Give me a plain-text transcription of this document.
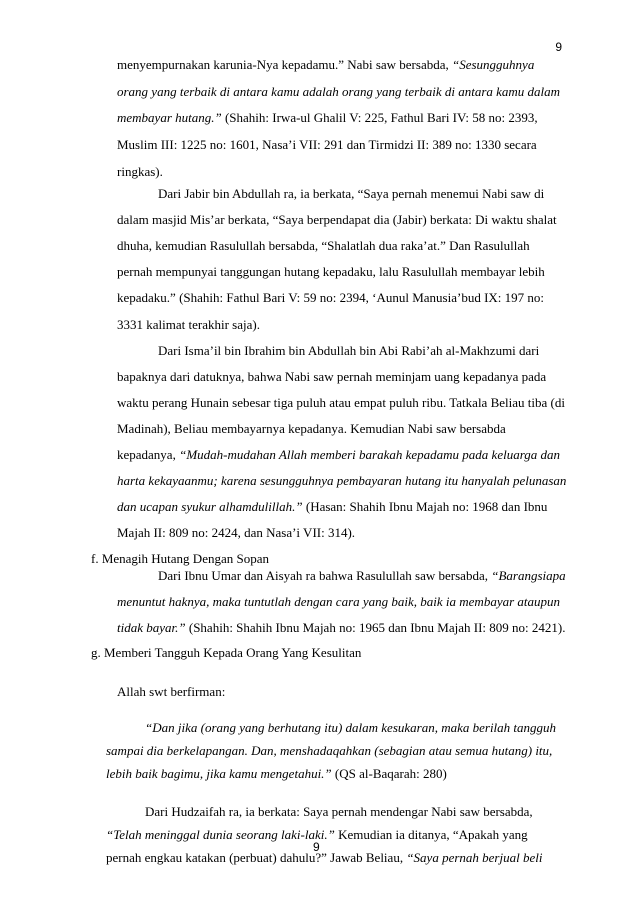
9
menyempurnakan karunia-Nya kepadamu.” Nabi saw bersabda, “Sesungguhnya
orang yang terbaik di antara kamu adalah orang yang terbaik di antara kamu dalam
membayar hutang.” (Shahih: Irwa-ul Ghalil V: 225, Fathul Bari IV: 58 no: 2393,
Muslim III: 1225 no: 1601, Nasa’i VII: 291 dan Tirmidzi II: 389 no: 1330 secara
ringkas).
Dari Jabir bin Abdullah ra, ia berkata, “Saya pernah menemui Nabi saw di
dalam masjid Mis’ar berkata, “Saya berpendapat dia (Jabir) berkata: Di waktu shalat
dhuha, kemudian Rasulullah bersabda, “Shalatlah dua raka’at.” Dan Rasulullah
pernah mempunyai tanggungan hutang kepadaku, lalu Rasulullah membayar lebih
kepadaku.” (Shahih: Fathul Bari V: 59 no: 2394, ‘Aunul Manusia’bud IX: 197 no:
3331 kalimat terakhir saja).
Dari Isma’il bin Ibrahim bin Abdullah bin Abi Rabi’ah al-Makhzumi dari
bapaknya dari datuknya, bahwa Nabi saw pernah meminjam uang kepadanya pada
waktu perang Hunain sebesar tiga puluh atau empat puluh ribu. Tatkala Beliau tiba (di
Madinah), Beliau membayarnya kepadanya. Kemudian Nabi saw bersabda
kepadanya, “Mudah-mudahan Allah memberi barakah kepadamu pada keluarga dan
harta kekayaanmu; karena sesungguhnya pembayaran hutang itu hanyalah pelunasan
dan ucapan syukur alhamdulillah.” (Hasan: Shahih Ibnu Majah no: 1968 dan Ibnu
Majah II: 809 no: 2424, dan Nasa’i VII: 314).
f. Menagih Hutang Dengan Sopan
Dari Ibnu Umar dan Aisyah ra bahwa Rasulullah saw bersabda, “Barangsiapa
menuntut haknya, maka tuntutlah dengan cara yang baik, baik ia membayar ataupun
tidak bayar.” (Shahih: Shahih Ibnu Majah no: 1965 dan Ibnu Majah II: 809 no: 2421).
g. Memberi Tangguh Kepada Orang Yang Kesulitan
Allah swt berfirman:
“Dan jika (orang yang berhutang itu) dalam kesukaran, maka berilah tangguh
sampai dia berkelapangan. Dan, menshadaqahkan (sebagian atau semua hutang) itu,
lebih baik bagimu, jika kamu mengetahui.” (QS al-Baqarah: 280)
Dari Hudzaifah ra, ia berkata: Saya pernah mendengar Nabi saw bersabda,
“Telah meninggal dunia seorang laki-laki.” Kemudian ia ditanya, “Apakah yang
pernah engkau katakan (perbuat) dahulu?” Jawab Beliau, “Saya pernah berjual beli
9
